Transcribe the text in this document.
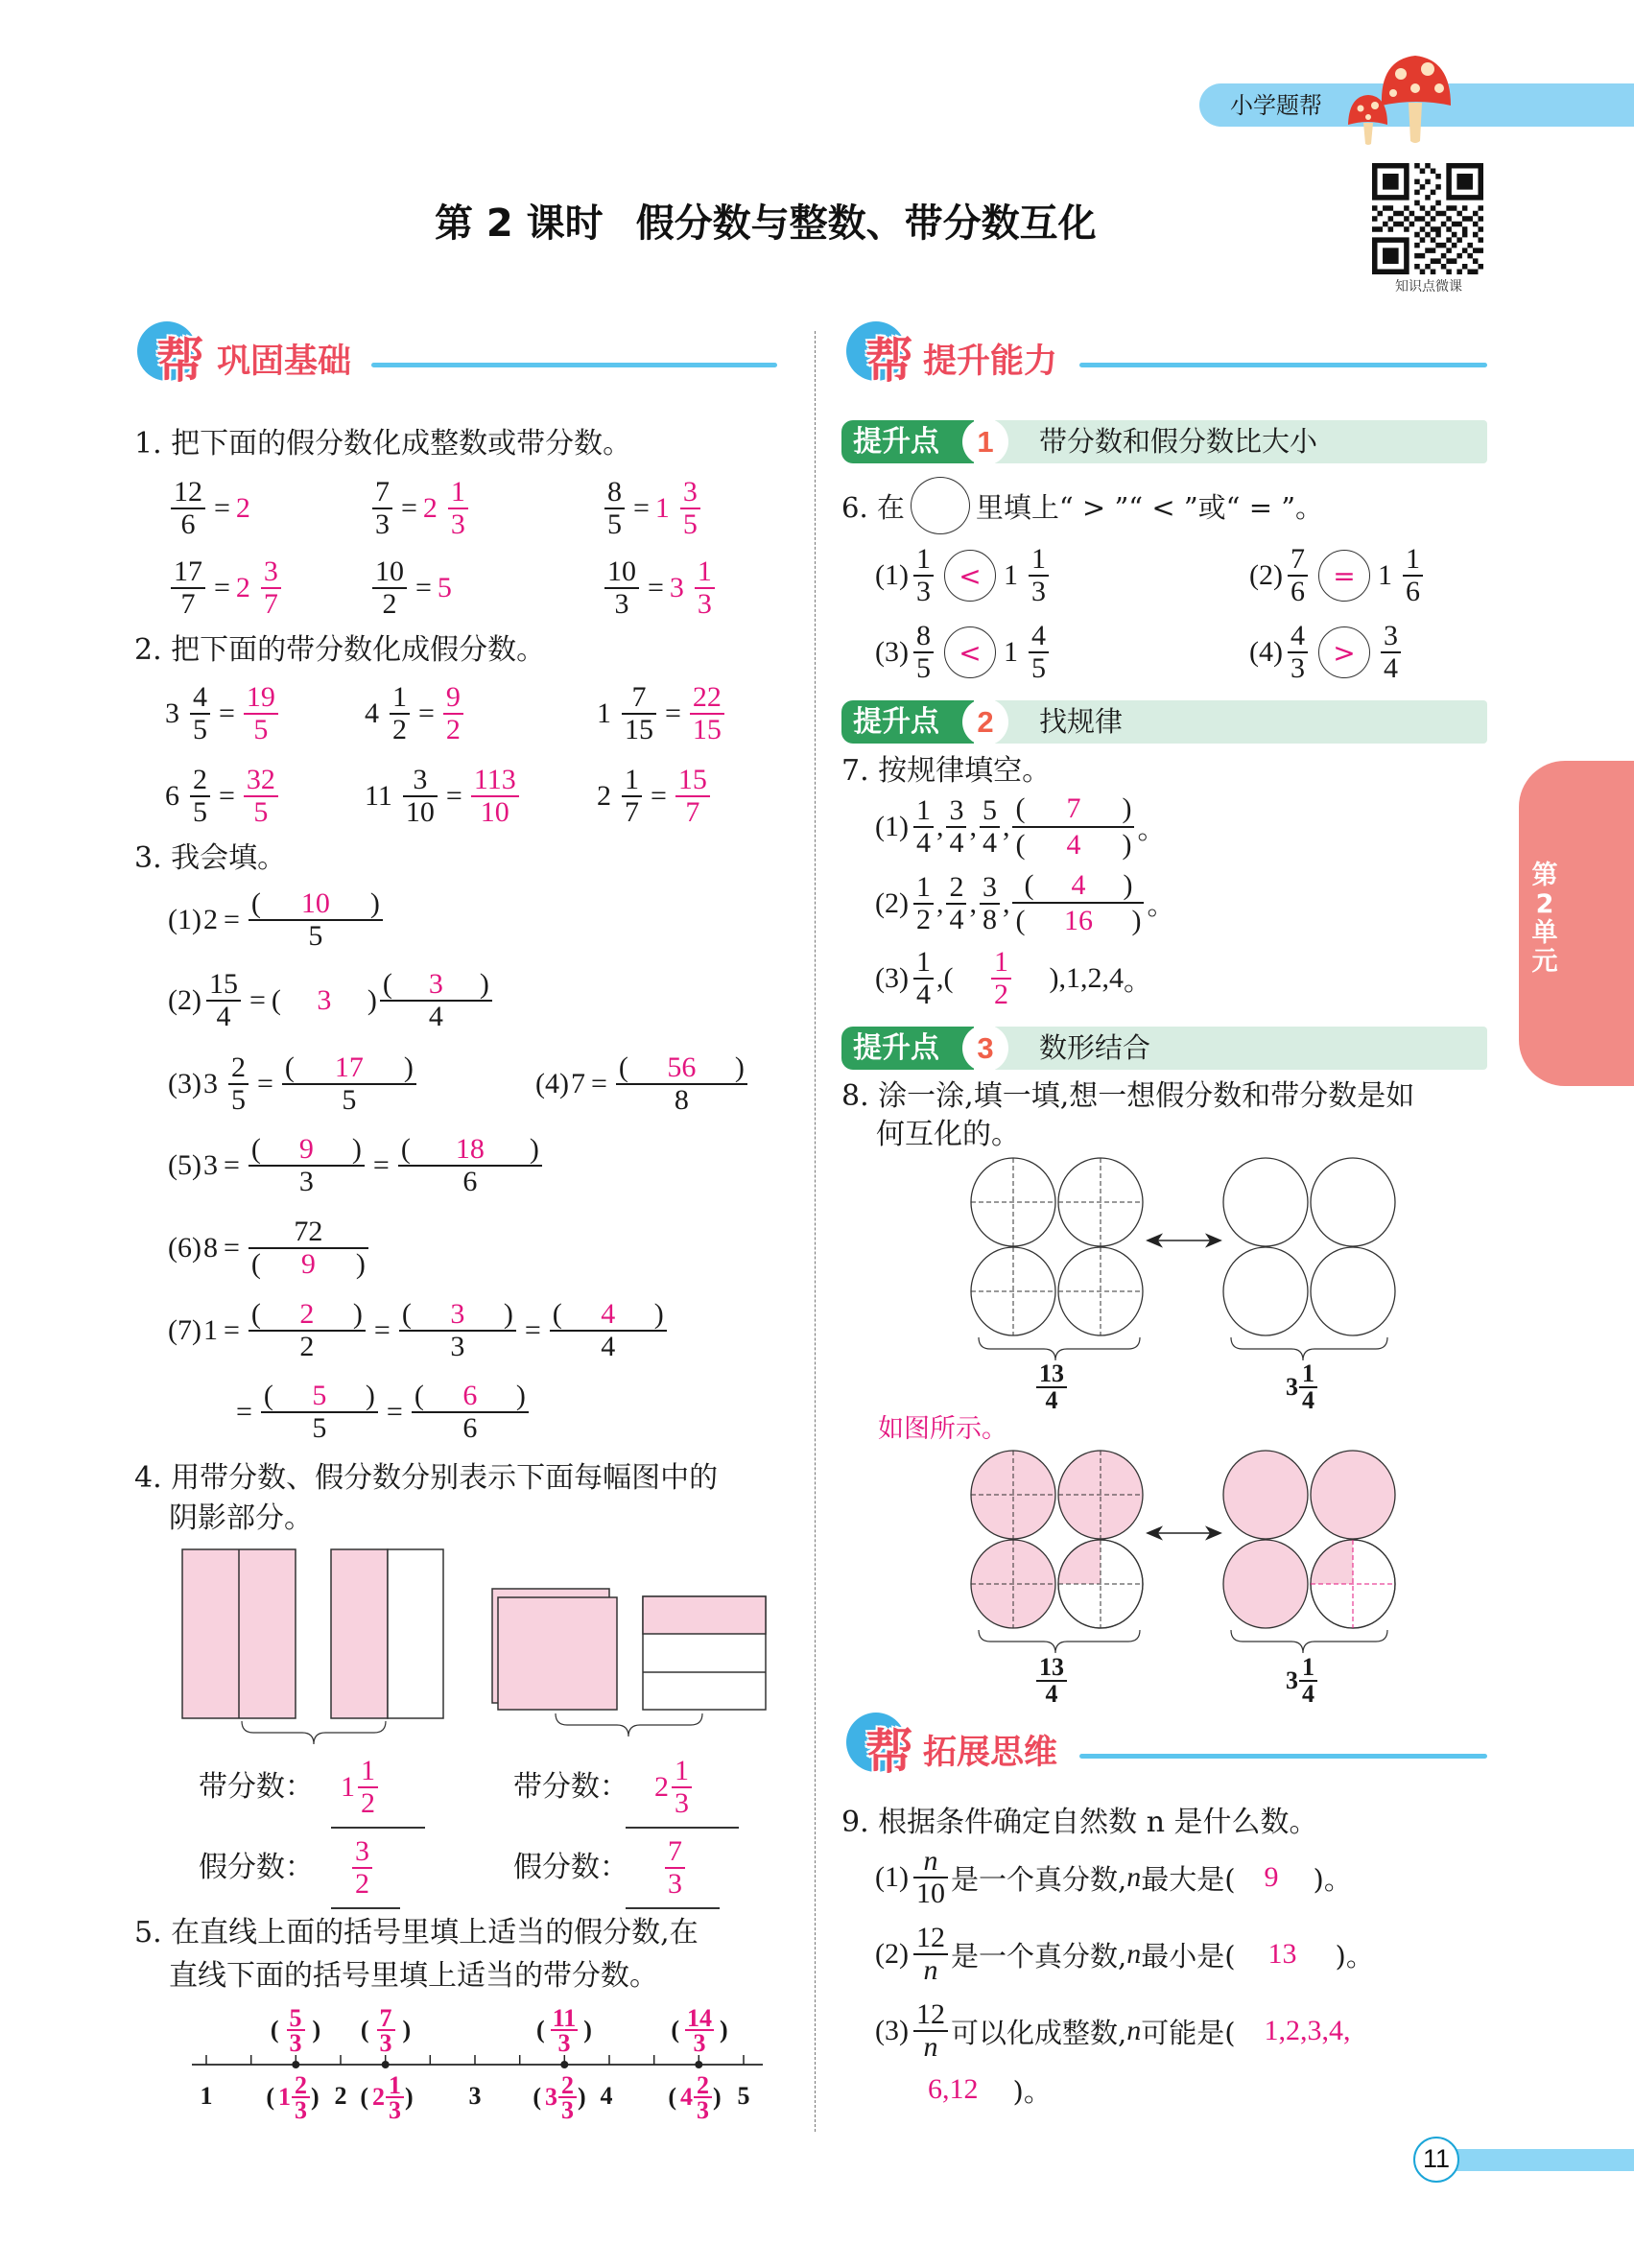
小学题帮
第 2 课时 假分数与整数、带分数互化
知识点微课
帮 巩固基础
1. 把下面的假分数化成整数或带分数。
$\frac{12}{6} = 2$	$\frac{7}{3} = 2 \frac{1}{3}$	$\frac{8}{5} = 1 \frac{3}{5}$
$\frac{17}{7} = 2 \frac{3}{7}$	$\frac{10}{2} = 5$	$\frac{10}{3} = 3 \frac{1}{3}$
2. 把下面的带分数化成假分数。
$3 \frac{4}{5} = \frac{19}{5}$	$4 \frac{1}{2} = \frac{9}{2}$	$1 \frac{7}{15} = \frac{22}{15}$
$6 \frac{2}{5} = \frac{32}{5}$	$11 \frac{3}{10} = \frac{113}{10}$	$2 \frac{1}{7} = \frac{15}{7}$
3. 我会填。
(1) $2 = \frac{( 10 )}{5}$
$(2) \frac{15}{4}$ = ( 3 ) $\frac{( 3 )}{4}$
(3) $3 \frac{2}{5} = \frac{( 17 )}{5}$	(4) $7 = \frac{( 56 )}{8}$
(5) $3 = \frac{( 9 )}{3} = \frac{( 18 )}{6}$
(6) $8 = \frac{72}{( 9 )}$
(7) $1 = \frac{( 2 )}{2} = \frac{( 3 )}{3} = \frac{( 4 )}{4}$
= $\frac{( 5 )}{5} = \frac{( 6 )}{6}$
4. 用带分数、假分数分别表示下面每幅图中的
阴影部分。
带分数： $1 \frac{1}{2}$
假分数： $\frac{3}{2}$
带分数： $2 \frac{1}{3}$
假分数： $\frac{7}{3}$
5. 在直线上面的括号里填上适当的假分数,在
直线下面的括号里填上适当的带分数。
( $\frac{5}{3}$ ) ( $\frac{7}{3}$ )	( $\frac{11}{3}$ )	( $\frac{14}{3}$ )
1 ( $1 \frac{2}{3}$ ) 2 ( $2 \frac{1}{3}$ ) 3 ( $3 \frac{2}{3}$ ) 4 ( $4 \frac{2}{3}$ ) 5
帮 提升能力
提升点	1	带分数和假分数比大小
6. 在	里填上“ > ”“ < ”或“ = ”。
$(1) \frac{1}{3} < 1 \frac{1}{3}$	$(2) \frac{7}{6} = 1 \frac{1}{6}$
$(3) \frac{8}{5} < 1 \frac{4}{5}$	$(4) \frac{4}{3} > \frac{3}{4}$
提升点	2	找规律
7. 按规律填空。
$(1) \frac{1}{4}$ , $\frac{3}{4}$ , $\frac{5}{4}$ , $\frac{( 7 )}{( 4 )}$ 。
$(2) \frac{1}{2}$ , $\frac{2}{4}$ , $\frac{3}{8}$ , $\frac{( 4 )}{( 16 )}$ 。
$(3) \frac{1}{4}$ , ( $\frac{1}{2}$ ) , 1,2,4 。
提升点	3	数形结合
8. 涂一涂,填一填,想一想假分数和带分数是如
何互化的。
$\frac{13}{4}$	$3 \frac{1}{4}$
如图所示。
$\frac{13}{4}$	$3 \frac{1}{4}$
帮 拓展思维
9. 根据条件确定自然数 n 是什么数。
$(1) \frac{n}{10}$ 是一个真分数, n 最大是( 9 )。
$(2) \frac{12}{n}$ 是一个真分数, n 最小是( 13 )。
$(3) \frac{12}{n}$ 可以化成整数, n 可能是( 1,2,3,4,
6,12 )。
第
2
单
元
11
